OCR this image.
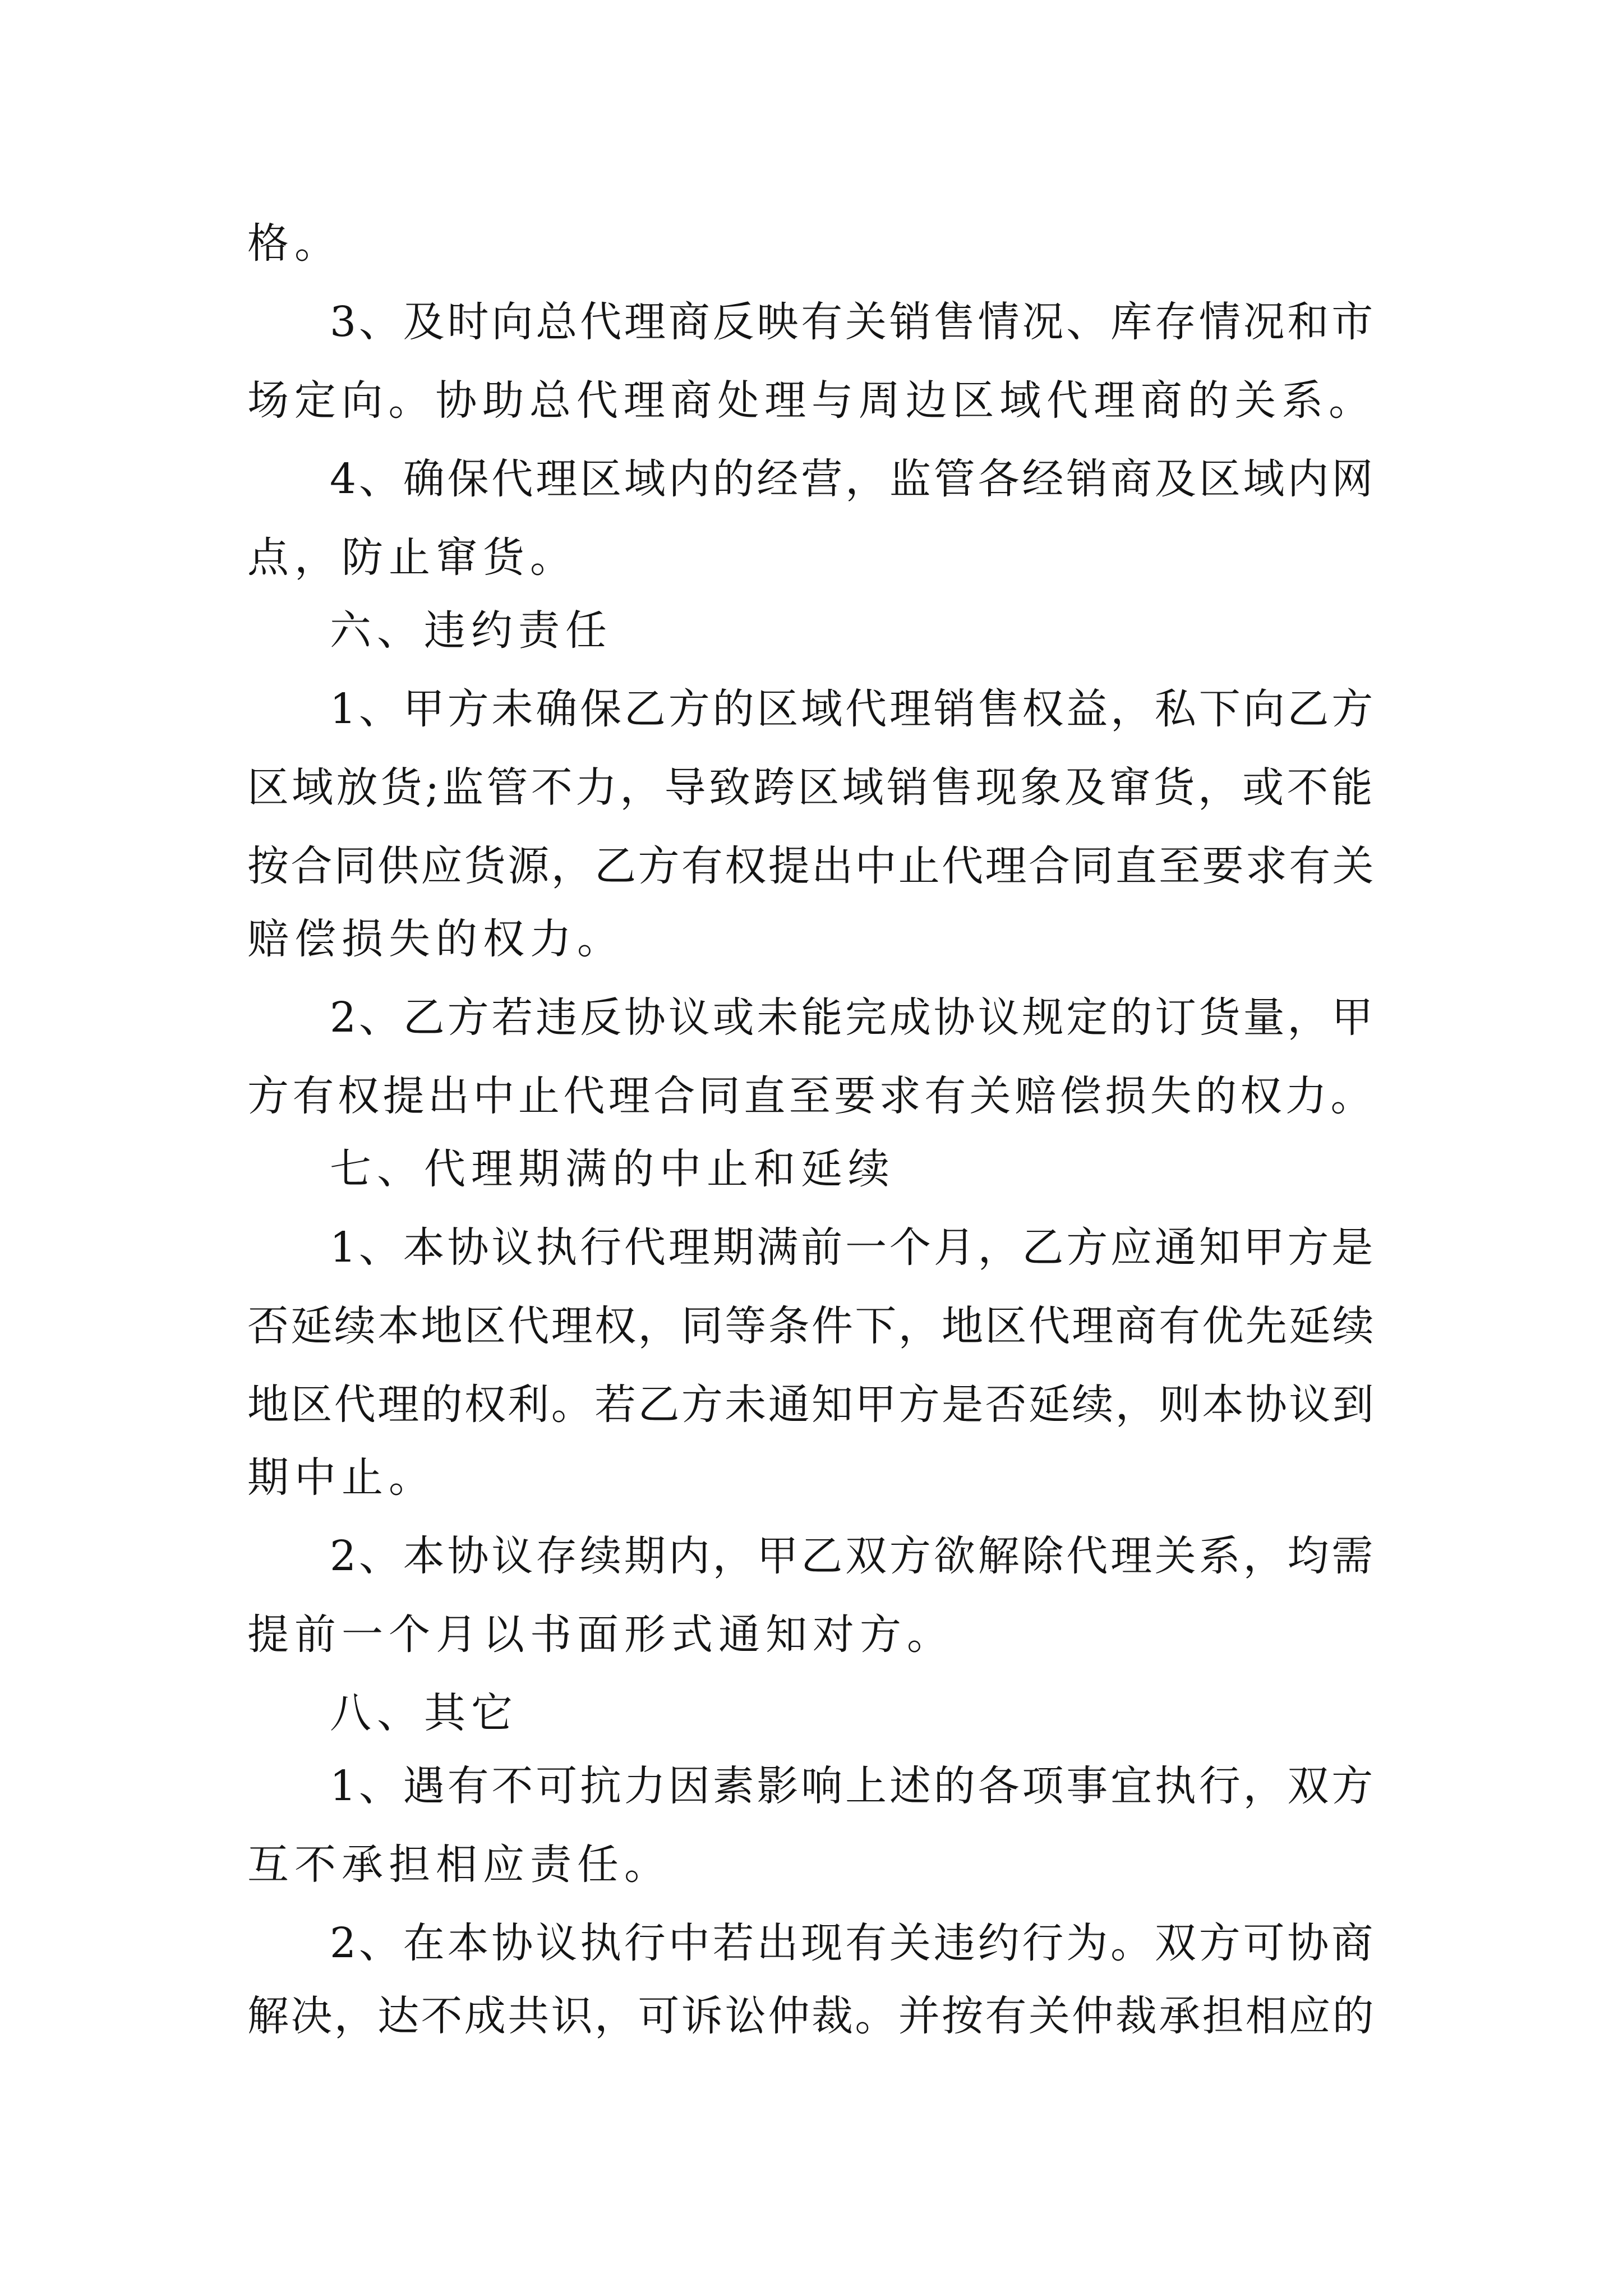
格。
3、及时向总代理商反映有关销售情况、库存情况和市
场定向。协助总代理商处理与周边区域代理商的关系。
4、确保代理区域内的经营，监管各经销商及区域内网
点，防止窜货。
六、违约责任
1、甲方未确保乙方的区域代理销售权益，私下向乙方
区域放货;监管不力，导致跨区域销售现象及窜货，或不能
按合同供应货源，乙方有权提出中止代理合同直至要求有关
赔偿损失的权力。
2、乙方若违反协议或未能完成协议规定的订货量，甲
方有权提出中止代理合同直至要求有关赔偿损失的权力。
七、代理期满的中止和延续
1、本协议执行代理期满前一个月，乙方应通知甲方是
否延续本地区代理权，同等条件下，地区代理商有优先延续
地区代理的权利。若乙方未通知甲方是否延续，则本协议到
期中止。
2、本协议存续期内，甲乙双方欲解除代理关系，均需
提前一个月以书面形式通知对方。
八、其它
1、遇有不可抗力因素影响上述的各项事宜执行，双方
互不承担相应责任。
2、在本协议执行中若出现有关违约行为。双方可协商
解决，达不成共识，可诉讼仲裁。并按有关仲裁承担相应的
